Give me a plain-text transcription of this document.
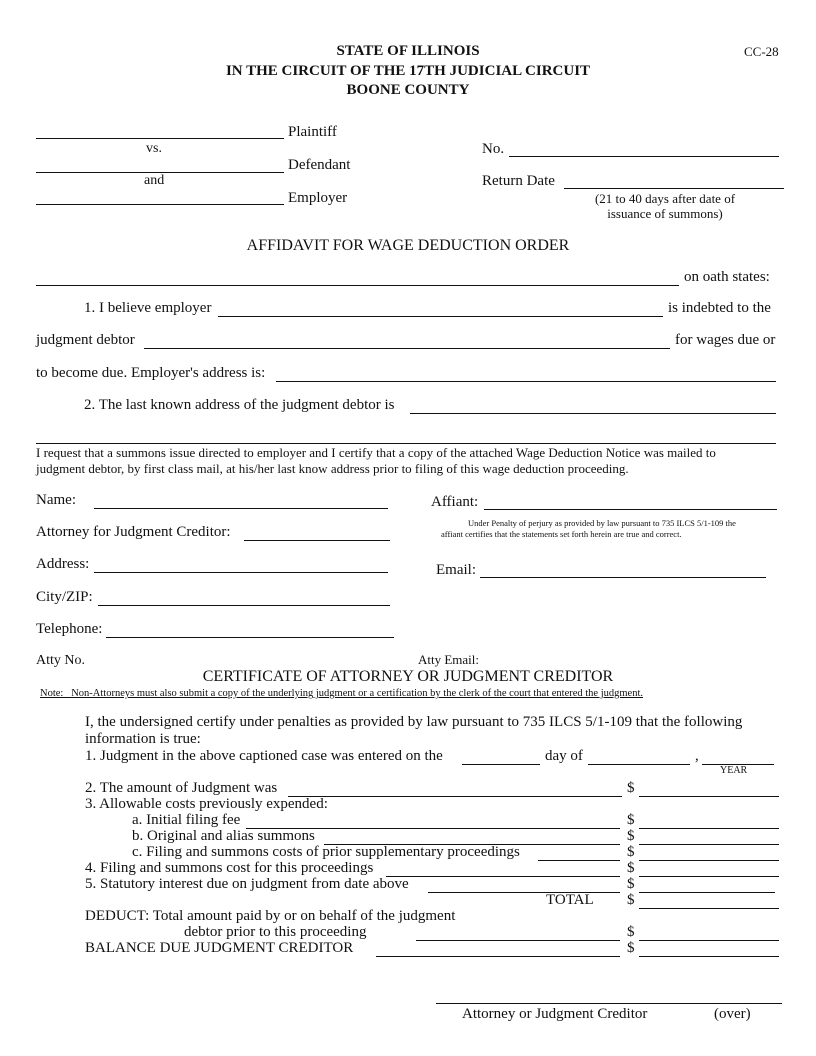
CC-28
STATE OF ILLINOIS
IN THE CIRCUIT OF THE 17TH JUDICIAL CIRCUIT
BOONE COUNTY
Plaintiff
vs.
Defendant
and
Employer
No.
Return Date
(21 to 40 days after date of
issuance of summons)
AFFIDAVIT FOR WAGE DEDUCTION ORDER
on oath states:
1. I believe employer	is indebted to the
judgment debtor	for wages due or
to become due. Employer's address is:
2. The last known address of the judgment debtor is
I request that a summons issue directed to employer and I certify that a copy of the attached Wage Deduction Notice was mailed to
judgment debtor, by first class mail, at his/her last know address prior to filing of this wage deduction proceeding.
Name:	Affiant:
Attorney for Judgment Creditor:
Under Penalty of perjury as provided by law pursuant to 735 ILCS 5/1-109 the
affiant certifies that the statements set forth herein are true and correct.
Address:	Email:
City/ZIP:
Telephone:
Atty No.	Atty Email:
CERTIFICATE OF ATTORNEY OR JUDGMENT CREDITOR
Note:   Non-Attorneys must also submit a copy of the underlying judgment or a certification by the clerk of the court that entered the judgment.
I, the undersigned certify under penalties as provided by law pursuant to 735 ILCS 5/1-109 that the following
information is true:
1. Judgment in the above captioned case was entered on the	day of	,
YEAR
2. The amount of Judgment was	$
3. Allowable costs previously expended:
a. Initial filing fee	$
b. Original and alias summons	$
c. Filing and summons costs of prior supplementary proceedings	$
4. Filing and summons cost for this proceedings	$
5. Statutory interest due on judgment from date above	$
TOTAL $
DEDUCT: Total amount paid by or on behalf of the judgment
debtor prior to this proceeding	$
BALANCE DUE JUDGMENT CREDITOR	$
Attorney or Judgment Creditor	(over)
